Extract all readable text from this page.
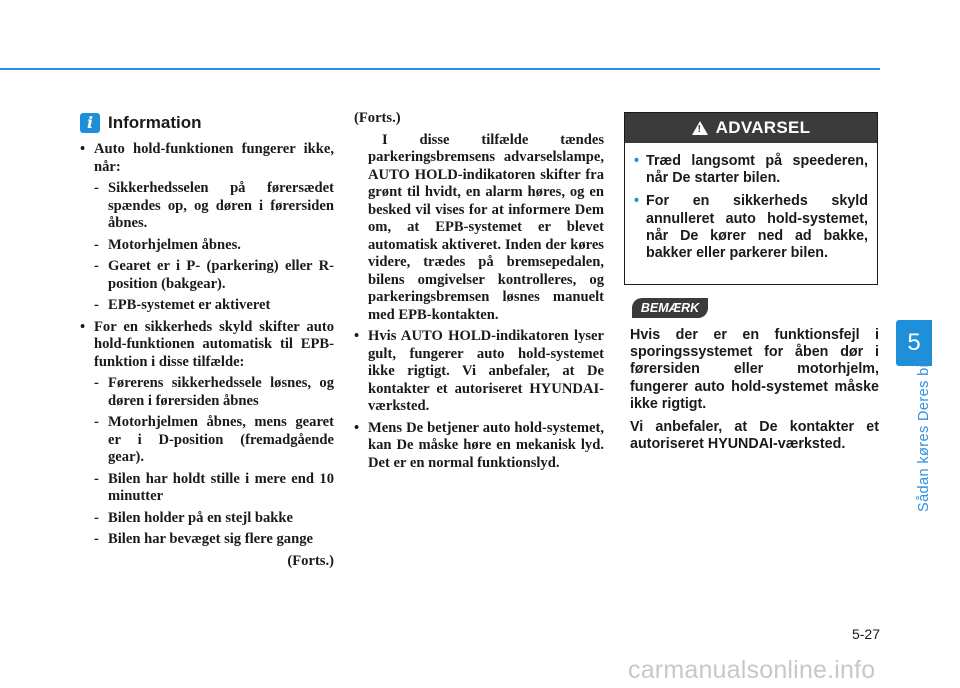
i Information
• Auto hold-funktionen fungerer ikke, når:
- Sikkerhedsselen på førersædet spændes op, og døren i førersiden åbnes.
- Motorhjelmen åbnes.
- Gearet er i P- (parkering) eller R-position (bakgear).
- EPB-systemet er aktiveret
• For en sikkerheds skyld skifter auto hold-funktionen automatisk til EPB-funktion i disse tilfælde:
- Førerens sikkerhedssele løsnes, og døren i førersiden åbnes
- Motorhjelmen åbnes, mens gearet er i D-position (fremadgående gear).
- Bilen har holdt stille i mere end 10 minutter
- Bilen holder på en stejl bakke
- Bilen har bevæget sig flere gange
(Forts.)
(Forts.)
I disse tilfælde tændes parkeringsbremsens advarselslampe, AUTO HOLD-indikatoren skifter fra grønt til hvidt, en alarm høres, og en besked vil vises for at informere Dem om, at EPB-systemet er blevet automatisk aktiveret. Inden der køres videre, trædes på bremsepedalen, bilens omgivelser kontrolleres, og parkeringsbremsen løsnes manuelt med EPB-kontakten.
• Hvis AUTO HOLD-indikatoren lyser gult, fungerer auto hold-systemet ikke rigtigt. Vi anbefaler, at De kontakter et autoriseret HYUNDAI-værksted.
• Mens De betjener auto hold-systemet, kan De måske høre en mekanisk lyd. Det er en normal funktionslyd.
! ADVARSEL
• Træd langsomt på speederen, når De starter bilen.
• For en sikkerheds skyld annulleret auto hold-systemet, når De kører ned ad bakke, bakker eller parkerer bilen.
BEMÆRK

Hvis der er en funktionsfejl i sporingssystemet for åben dør i førersiden eller motorhjelm, fungerer auto hold-systemet måske ikke rigtigt.

Vi anbefaler, at De kontakter et autoriseret HYUNDAI-værksted.

5
Sådan køres Deres bil
5-27
carmanualsonline.info
